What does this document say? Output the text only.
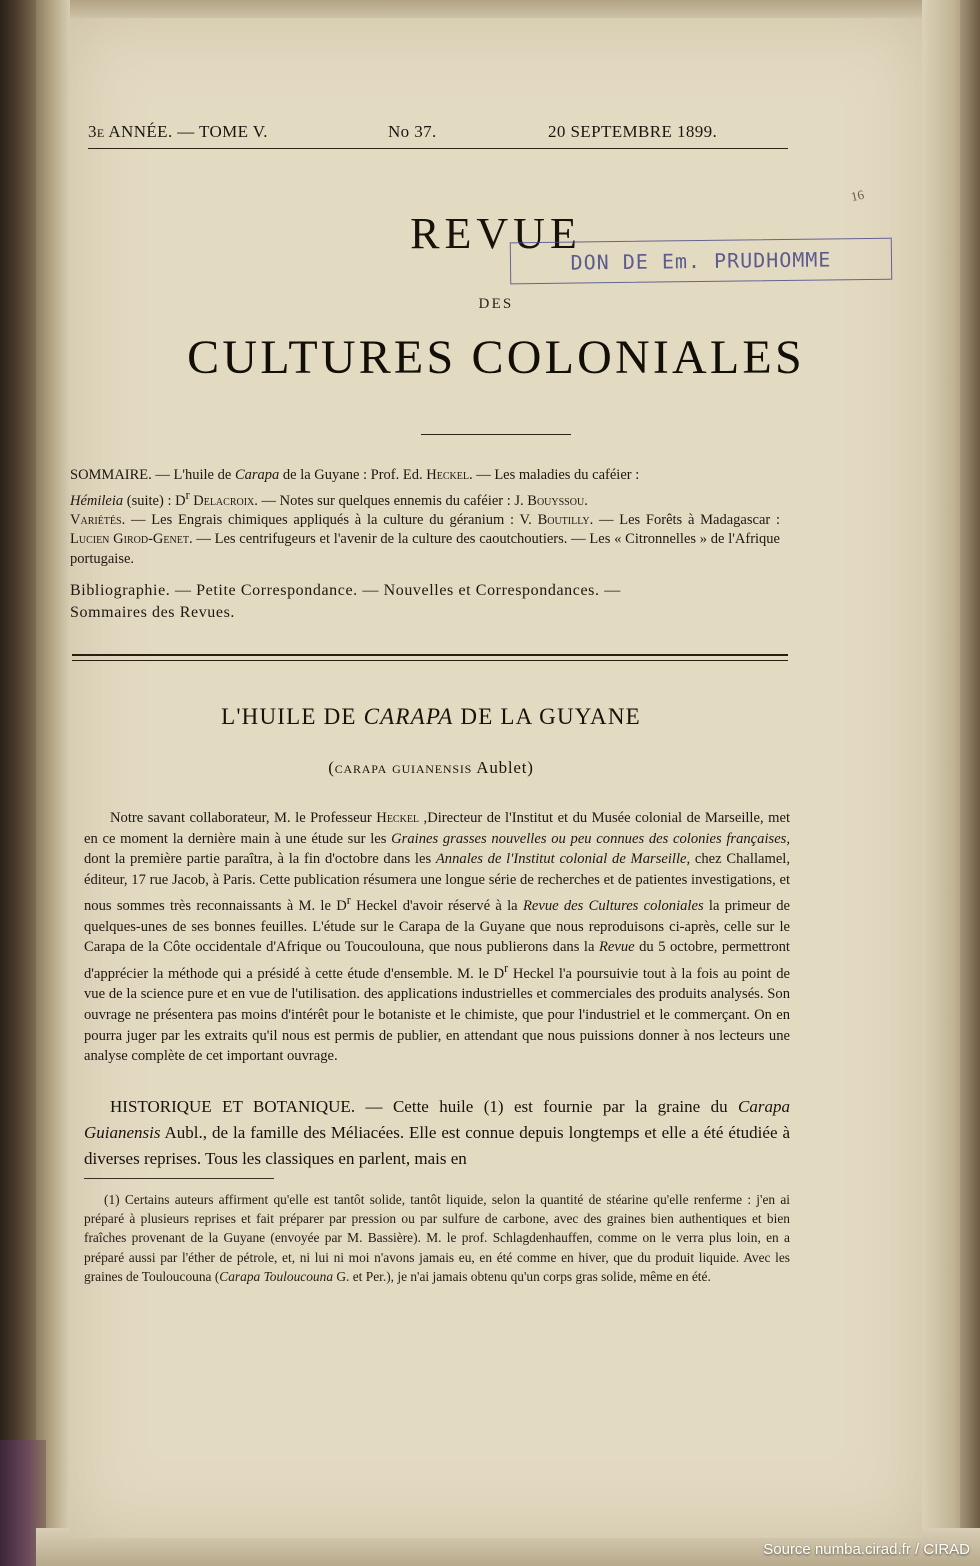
3e ANNÉE. — TOME V.	No 37.	20 SEPTEMBRE 1899.
16
REVUE
DES
CULTURES COLONIALES
DON DE Em. PRUDHOMME

SOMMAIRE. — L'huile de Carapa de la Guyane : Prof. Ed. Heckel. — Les maladies du caféier :

Hémileia (suite) : $D^r$ Delacroix. — Notes sur quelques ennemis du caféier : J. Bouyssou.

Variétés. — Les Engrais chimiques appliqués à la culture du géranium : V. Boutilly. — Les Forêts à Madagascar : Lucien Girod-Genet. — Les centrifugeurs et l'avenir de la culture des caoutchoutiers. — Les « Citronnelles » de l'Afrique portugaise.

Bibliographie. — Petite Correspondance. — Nouvelles et Correspondances. —

Sommaires des Revues.

L'HUILE DE CARAPA DE LA GUYANE
(carapa guianensis Aublet)

Notre savant collaborateur, M. le Professeur Heckel ,Directeur de l'Institut et du Musée colonial de Marseille, met en ce moment la dernière main à une étude sur les Graines grasses nouvelles ou peu connues des colonies françaises, dont la première partie paraîtra, à la fin d'octobre dans les Annales de l'Institut colonial de Marseille, chez Challamel, éditeur, 17 rue Jacob, à Paris. Cette publication résumera une longue série de recherches et de patientes investigations, et nous sommes très reconnaissants à M. le $D^r$ Heckel d'avoir réservé à la Revue des Cultures coloniales la primeur de quelques-unes de ses bonnes feuilles. L'étude sur le Carapa de la Guyane que nous reproduisons ci-après, celle sur le Carapa de la Côte occidentale d'Afrique ou Toucoulouna, que nous publierons dans la Revue du 5 octobre, permettront d'apprécier la méthode qui a présidé à cette étude d'ensemble. M. le $D^r$ Heckel l'a poursuivie tout à la fois au point de vue de la science pure et en vue de l'utilisation. des applications industrielles et commerciales des produits analysés. Son ouvrage ne présentera pas moins d'intérêt pour le botaniste et le chimiste, que pour l'industriel et le commerçant. On en pourra juger par les extraits qu'il nous est permis de publier, en attendant que nous puissions donner à nos lecteurs une analyse complète de cet important ouvrage.

HISTORIQUE ET BOTANIQUE. — Cette huile (1) est fournie par la graine du Carapa Guianensis Aubl., de la famille des Méliacées. Elle est connue depuis longtemps et elle a été étudiée à diverses reprises. Tous les classiques en parlent, mais en

(1) Certains auteurs affirment qu'elle est tantôt solide, tantôt liquide, selon la quantité de stéarine qu'elle renferme : j'en ai préparé à plusieurs reprises et fait préparer par pression ou par sulfure de carbone, avec des graines bien authentiques et bien fraîches provenant de la Guyane (envoyée par M. Bassière). M. le prof. Schlagdenhauffen, comme on le verra plus loin, en a préparé aussi par l'éther de pétrole, et, ni lui ni moi n'avons jamais eu, en été comme en hiver, que du produit liquide. Avec les graines de Touloucouna (Carapa Touloucouna G. et Per.), je n'ai jamais obtenu qu'un corps gras solide, même en été.

Source numba.cirad.fr / CIRAD
